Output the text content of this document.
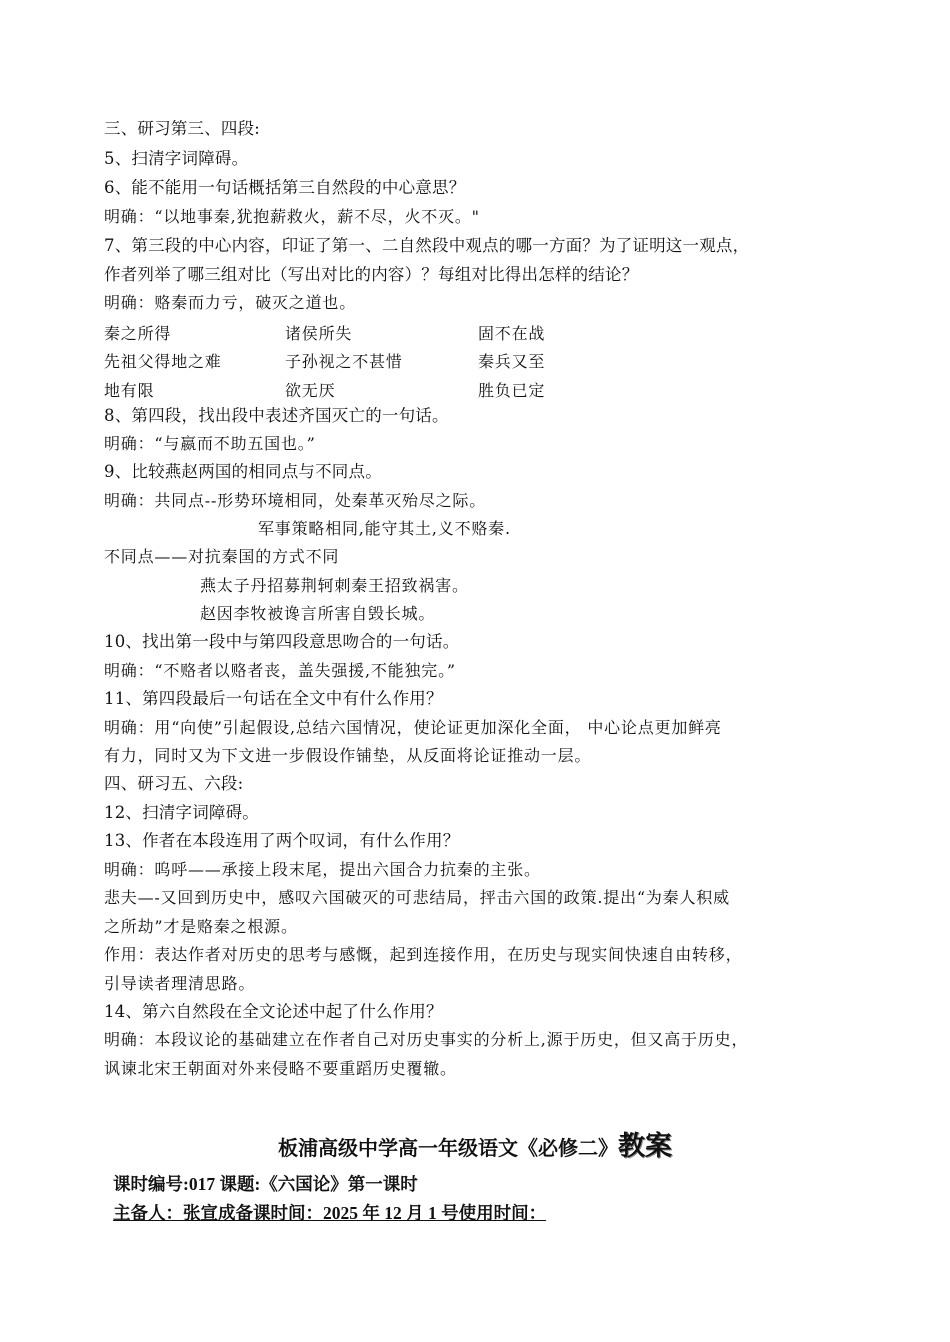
三、研习第三、四段:
5、扫清字词障碍。
6、能不能用一句话概括第三自然段的中心意思？
明确：“以地事秦,犹抱薪救火，薪不尽，火不灭。"
7、第三段的中心内容，印证了第一、二自然段中观点的哪一方面？为了证明这一观点，
作者列举了哪三组对比（写出对比的内容）？每组对比得出怎样的结论？
明确：赂秦而力亏，破灭之道也。
秦之所得	诸侯所失	固不在战
先祖父得地之难	子孙视之不甚惜	秦兵又至
地有限	欲无厌	胜负已定
8、第四段，找出段中表述齐国灭亡的一句话。
明确：“与嬴而不助五国也。”
9、比较燕赵两国的相同点与不同点。
明确：共同点--形势环境相同，处秦革灭殆尽之际。
军事策略相同,能守其土,义不赂秦.
不同点——对抗秦国的方式不同
燕太子丹招募荆轲刺秦王招致祸害。
赵因李牧被谗言所害自毁长城。
10、找出第一段中与第四段意思吻合的一句话。
明确：“不赂者以赂者丧，盖失强援,不能独完。”
11、第四段最后一句话在全文中有什么作用？
明确：用“向使”引起假设,总结六国情况，使论证更加深化全面， 中心论点更加鲜亮
有力，同时又为下文进一步假设作铺垫，从反面将论证推动一层。
四、研习五、六段:
12、扫清字词障碍。
13、作者在本段连用了两个叹词，有什么作用？
明确：呜呼——承接上段末尾，提出六国合力抗秦的主张。
悲夫—-又回到历史中，感叹六国破灭的可悲结局，抨击六国的政策.提出“为秦人积威
之所劫”才是赂秦之根源。
作用：表达作者对历史的思考与感慨，起到连接作用，在历史与现实间快速自由转移，
引导读者理清思路。
14、第六自然段在全文论述中起了什么作用？
明确：本段议论的基础建立在作者自己对历史事实的分析上,源于历史，但又高于历史，
讽谏北宋王朝面对外来侵略不要重蹈历史覆辙。
板浦高级中学高一年级语文《必修二》教案
课时编号:017 课题:《六国论》第一课时
主备人：张宣成备课时间：2025 年 12 月 1 号使用时间：
